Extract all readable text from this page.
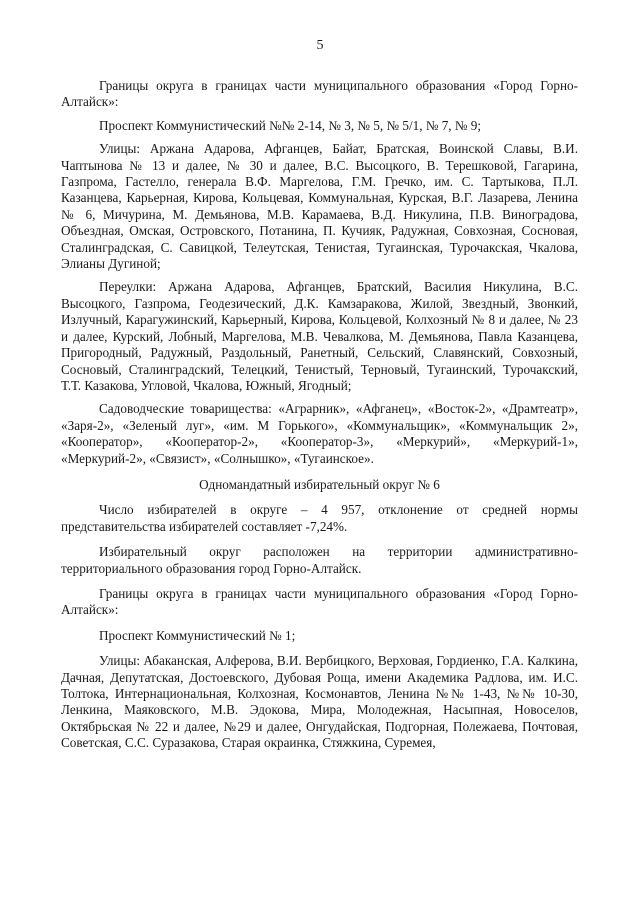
5

Границы округа в границах части муниципального образования «Город Горно-Алтайск»:

Проспект Коммунистический №№ 2-14, № 3, № 5, № 5/1, № 7, № 9;

Улицы: Аржана Адарова, Афганцев, Байат, Братская, Воинской Славы, В.И. Чаптынова № 13 и далее, № 30 и далее, В.С. Высоцкого, В. Терешковой, Гагарина, Газпрома, Гастелло, генерала В.Ф. Маргелова, Г.М. Гречко, им. С. Тартыкова, П.Л. Казанцева, Карьерная, Кирова, Кольцевая, Коммунальная, Курская, В.Г. Лазарева, Ленина № 6, Мичурина, М. Демьянова, М.В. Карамаева, В.Д. Никулина, П.В. Виноградова, Объездная, Омская, Островского, Потанина, П. Кучияк, Радужная, Совхозная, Сосновая, Сталинградская, С. Савицкой, Телеутская, Тенистая, Тугаинская, Турочакская, Чкалова, Элианы Дугиной;

Переулки: Аржана Адарова, Афганцев, Братский, Василия Никулина, В.С. Высоцкого, Газпрома, Геодезический, Д.К. Камзаракова, Жилой, Звездный, Звонкий, Излучный, Карагужинский, Карьерный, Кирова, Кольцевой, Колхозный № 8 и далее, № 23 и далее, Курский, Лобный, Маргелова, М.В. Чевалкова, М. Демьянова, Павла Казанцева, Пригородный, Радужный, Раздольный, Ранетный, Сельский, Славянский, Совхозный, Сосновый, Сталинградский, Телецкий, Тенистый, Терновый, Тугаинский, Турочакский, Т.Т. Казакова, Угловой, Чкалова, Южный, Ягодный;

Садоводческие товарищества: «Аграрник», «Афганец», «Восток-2», «Драмтеатр», «Заря-2», «Зеленый луг», «им. М Горького», «Коммунальщик», «Коммунальщик 2», «Кооператор», «Кооператор-2», «Кооператор-3», «Меркурий», «Меркурий-1», «Меркурий-2», «Связист», «Солнышко», «Тугаинское».

Одномандатный избирательный округ № 6

Число избирателей в округе – 4 957, отклонение от средней нормы представительства избирателей составляет -7,24%.

Избирательный округ расположен на территории административно-территориального образования город Горно-Алтайск.

Границы округа в границах части муниципального образования «Город Горно-Алтайск»:

Проспект Коммунистический № 1;

Улицы: Абаканская, Алферова, В.И. Вербицкого, Верховая, Гордиенко, Г.А. Калкина, Дачная, Депутатская, Достоевского, Дубовая Роща, имени Академика Радлова, им. И.С. Толтока, Интернациональная, Колхозная, Космонавтов, Ленина №№ 1-43, №№ 10-30, Ленкина, Маяковского, М.В. Эдокова, Мира, Молодежная, Насыпная, Новоселов, Октябрьская № 22 и далее, №29 и далее, Онгудайская, Подгорная, Полежаева, Почтовая, Советская, С.С. Суразакова, Старая окраинка, Стяжкина, Суремея,
